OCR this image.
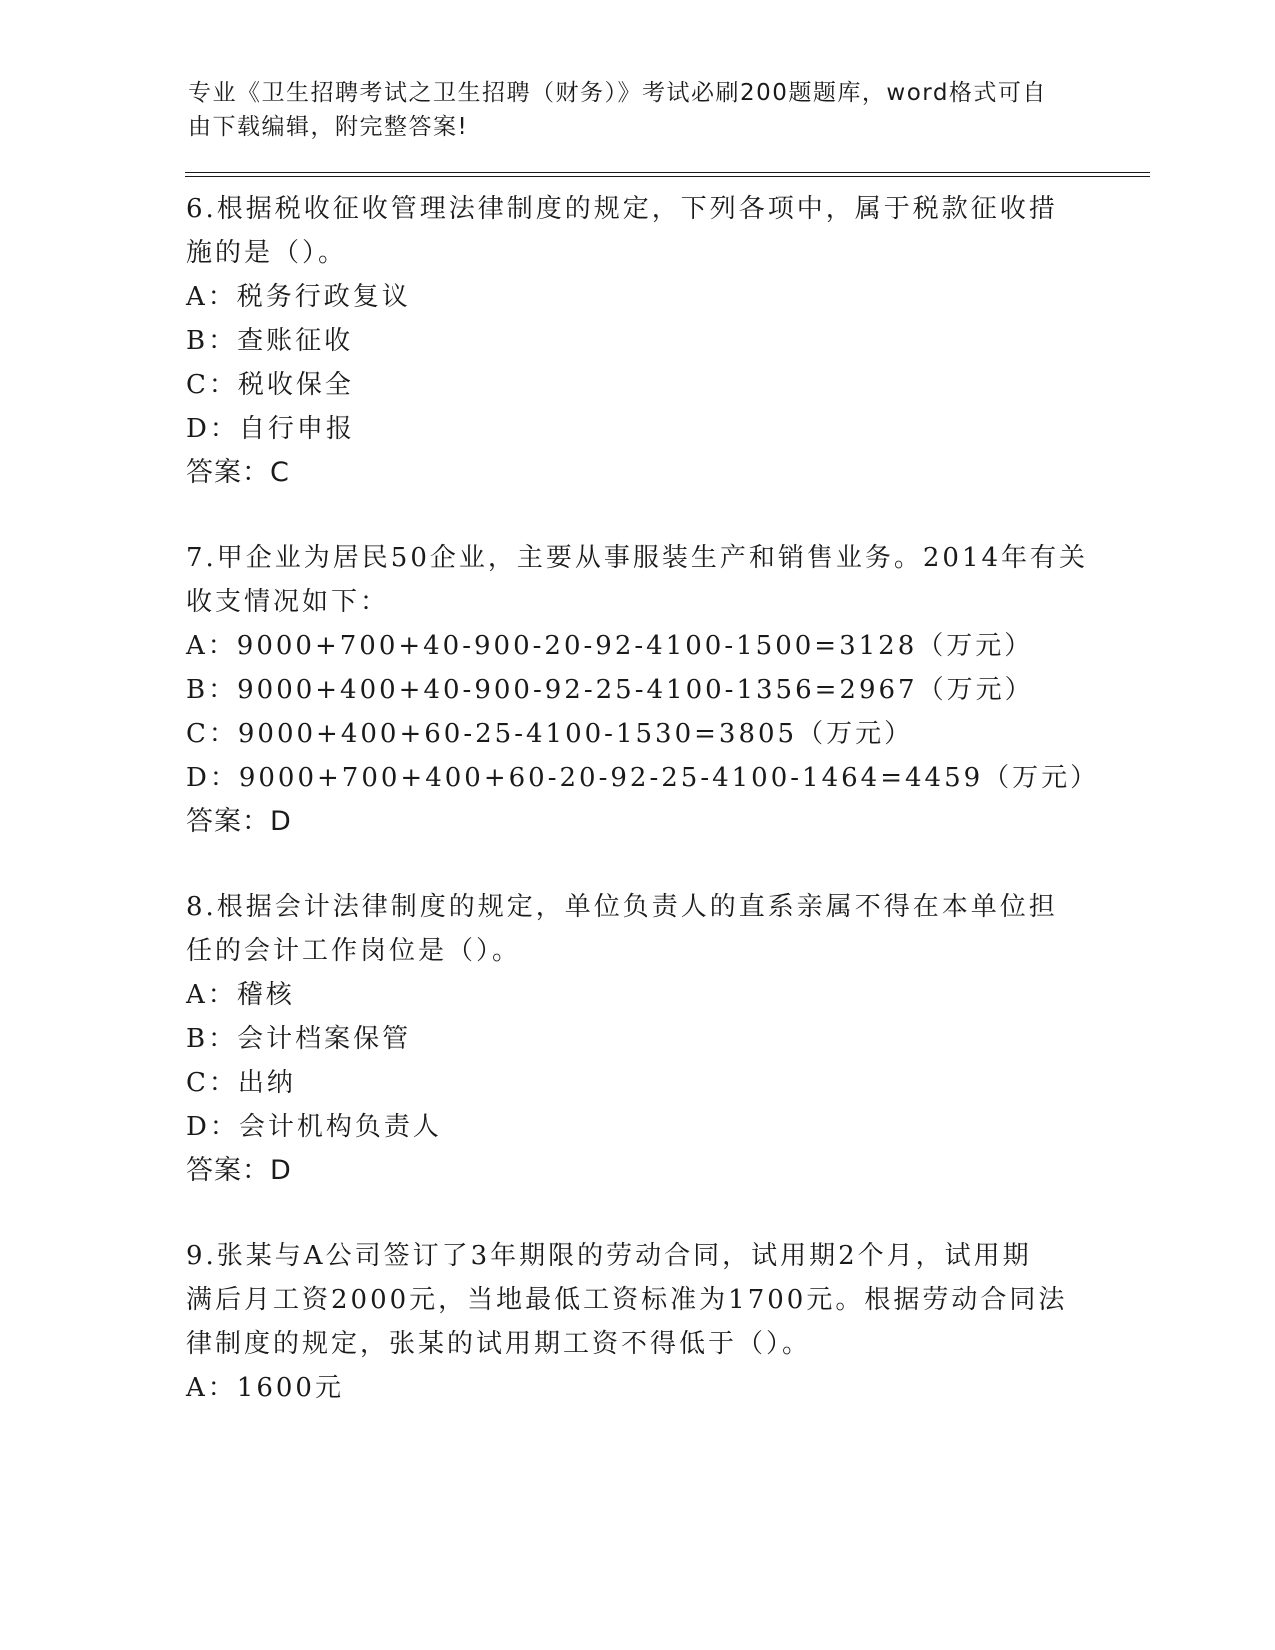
专业《卫生招聘考试之卫生招聘（财务）》考试必刷200题题库，word格式可自
由下载编辑，附完整答案!
6.根据税收征收管理法律制度的规定，下列各项中，属于税款征收措
施的是（）。
A：税务行政复议
B：查账征收
C：税收保全
D：自行申报
答案：C
7.甲企业为居民50企业，主要从事服装生产和销售业务。2014年有关
收支情况如下：
A：9000+700+40-900-20-92-4100-1500=3128（万元）
B：9000+400+40-900-92-25-4100-1356=2967（万元）
C：9000+400+60-25-4100-1530=3805（万元）
D：9000+700+400+60-20-92-25-4100-1464=4459（万元）
答案：D
8.根据会计法律制度的规定，单位负责人的直系亲属不得在本单位担
任的会计工作岗位是（）。
A：稽核
B：会计档案保管
C：出纳
D：会计机构负责人
答案：D
9.张某与A公司签订了3年期限的劳动合同，试用期2个月，试用期
满后月工资2000元，当地最低工资标准为1700元。根据劳动合同法
律制度的规定，张某的试用期工资不得低于（）。
A：1600元
